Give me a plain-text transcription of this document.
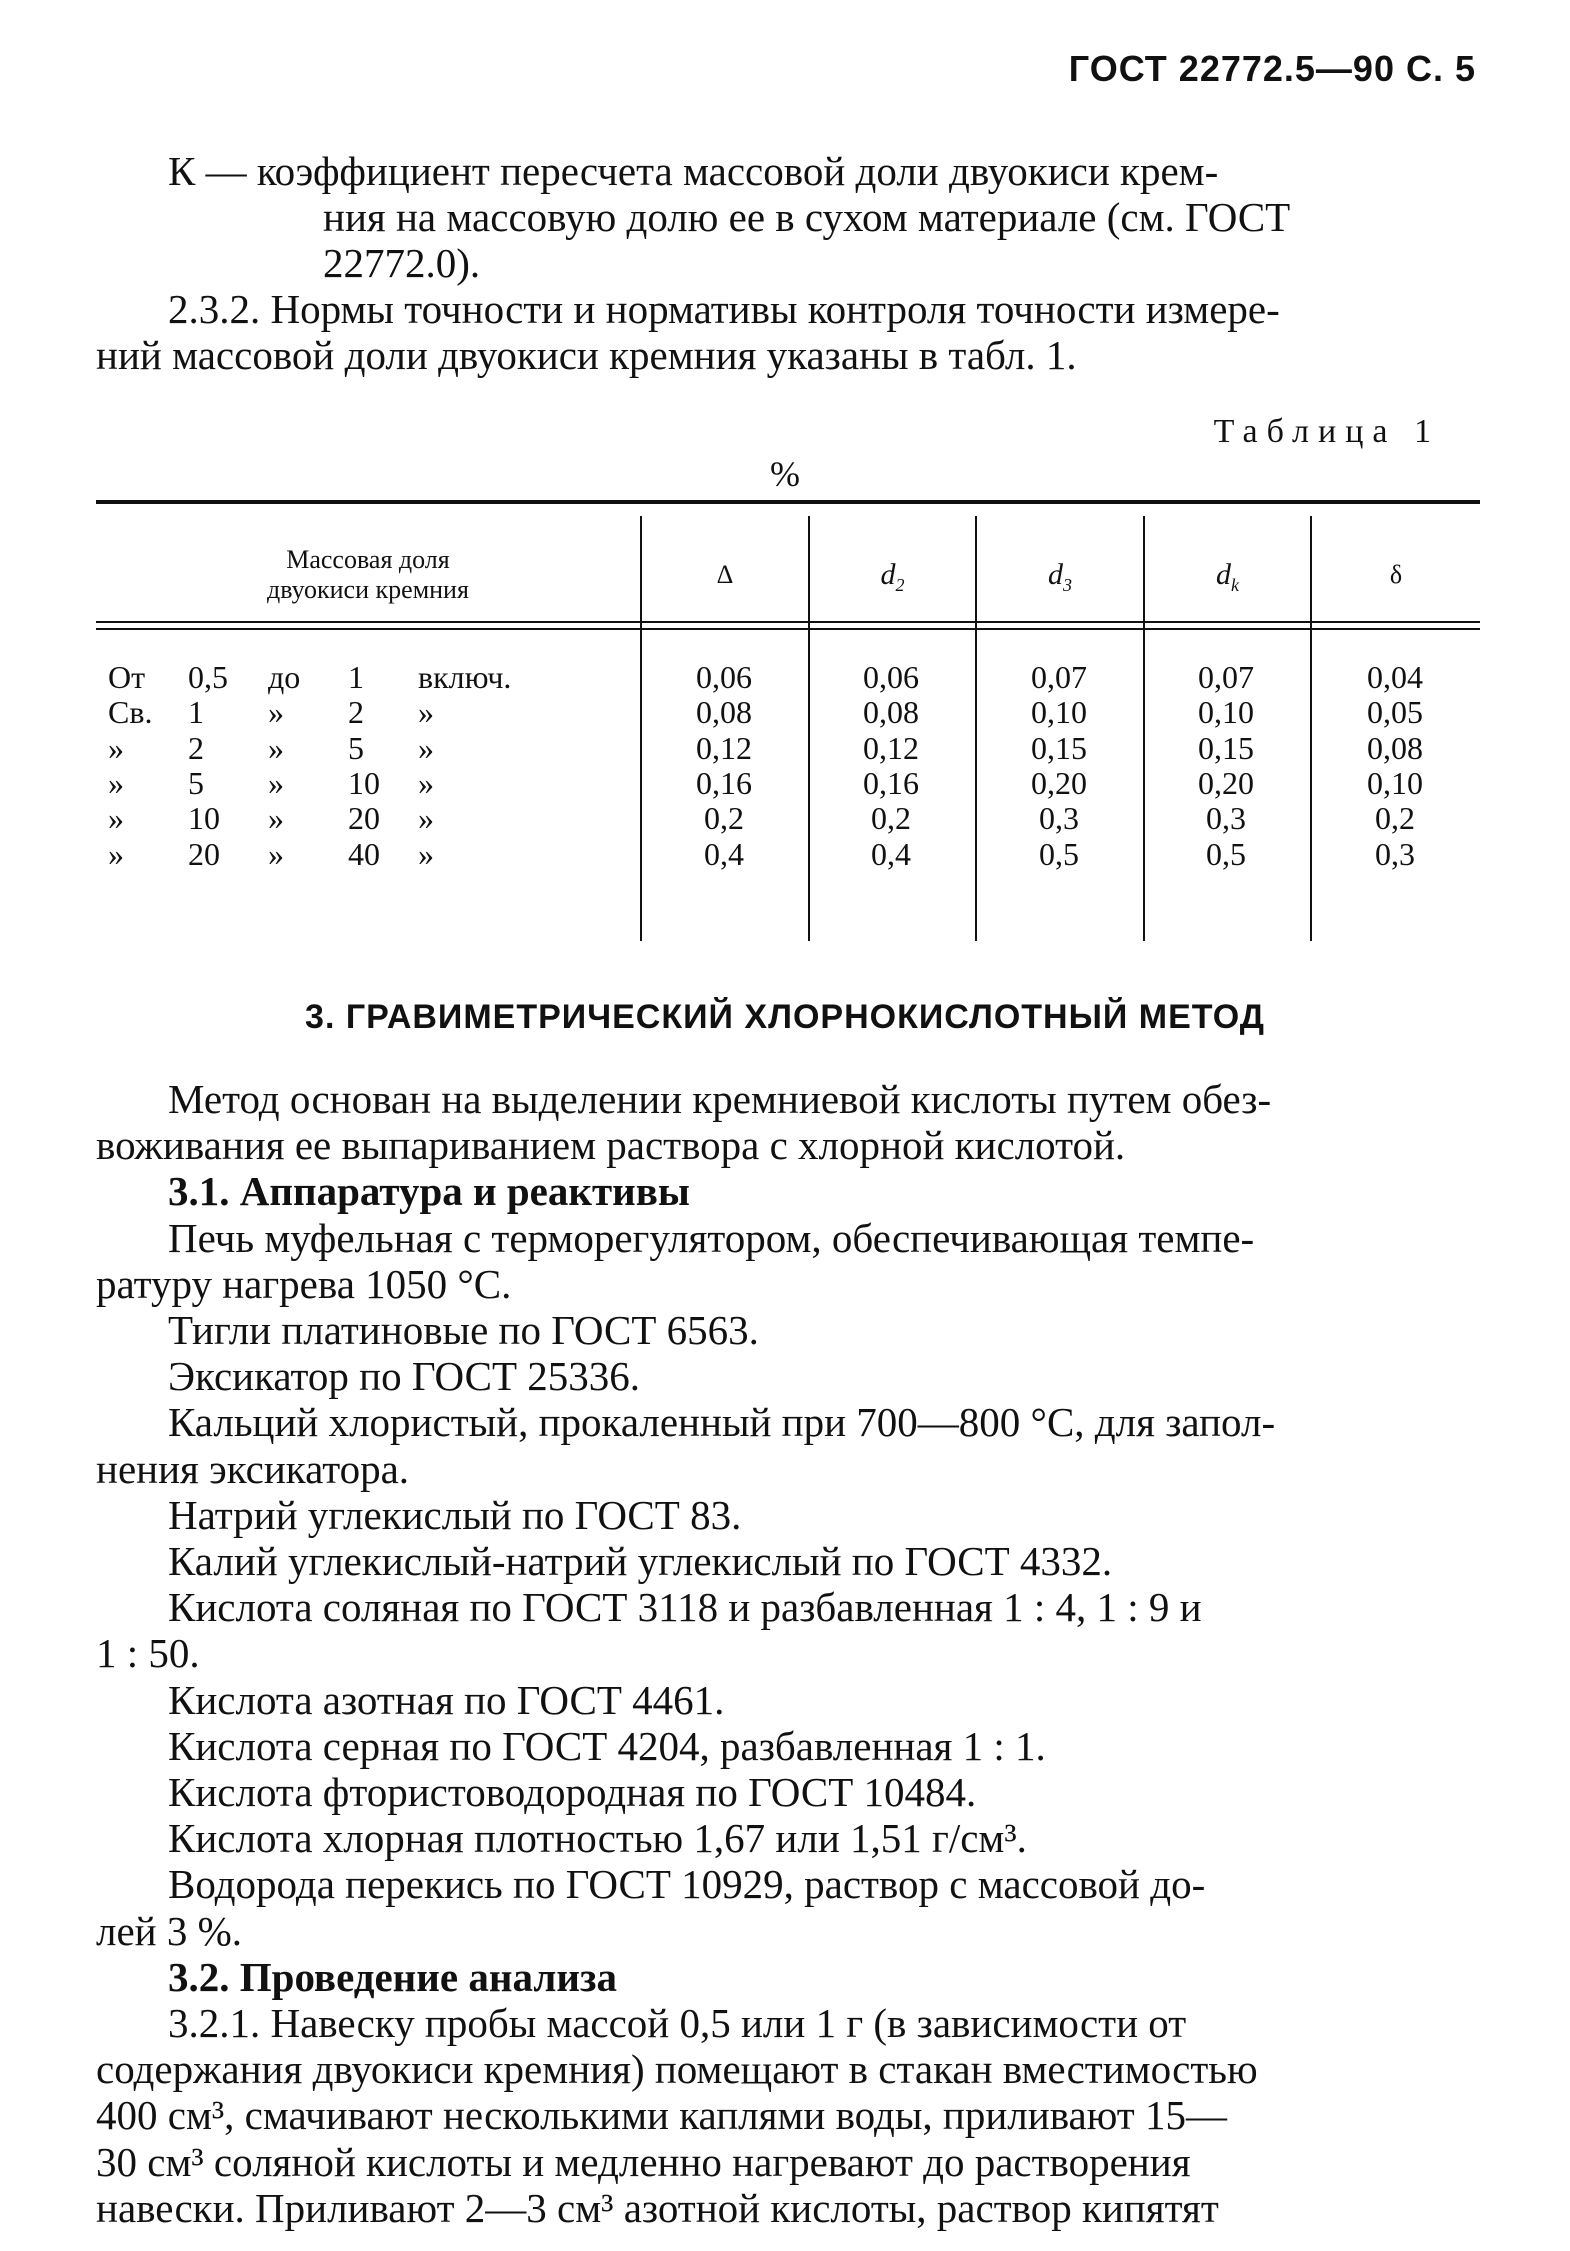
ГОСТ 22772.5—90 С. 5
К — коэффициент пересчета массовой доли двуокиси крем-
ния на массовую долю ее в сухом материале (см. ГОСТ
22772.0).
2.3.2. Нормы точности и нормативы контроля точности измере-
ний массовой доли двуокиси кремния указаны в табл. 1.
Таблица 1
%
Массовая доля
двуокиси кремния
Δ	$d_2$	$d_3$	$d_k$	δ
От 0,5 до 1 включ.	0,06	0,06	0,07	0,07	0,04
Св. 1 » 2 »	0,08	0,08	0,10	0,10	0,05
» 2 » 5 »	0,12	0,12	0,15	0,15	0,08
» 5 » 10 »	0,16	0,16	0,20	0,20	0,10
» 10 » 20 »	0,2	0,2	0,3	0,3	0,2
» 20 » 40 »	0,4	0,4	0,5	0,5	0,3
3. ГРАВИМЕТРИЧЕСКИЙ ХЛОРНОКИСЛОТНЫЙ МЕТОД
Метод основан на выделении кремниевой кислоты путем обез-
воживания ее выпариванием раствора с хлорной кислотой.
3.1. Аппаратура и реактивы
Печь муфельная с терморегулятором, обеспечивающая темпе-
ратуру нагрева 1050 °С.
Тигли платиновые по ГОСТ 6563.
Эксикатор по ГОСТ 25336.
Кальций хлористый, прокаленный при 700—800 °С, для запол-
нения эксикатора.
Натрий углекислый по ГОСТ 83.
Калий углекислый-натрий углекислый по ГОСТ 4332.
Кислота соляная по ГОСТ 3118 и разбавленная 1 : 4, 1 : 9 и
1 : 50.
Кислота азотная по ГОСТ 4461.
Кислота серная по ГОСТ 4204, разбавленная 1 : 1.
Кислота фтористоводородная по ГОСТ 10484.
Кислота хлорная плотностью 1,67 или 1,51 г/см³.
Водорода перекись по ГОСТ 10929, раствор с массовой до-
лей 3 %.
3.2. Проведение анализа
3.2.1. Навеску пробы массой 0,5 или 1 г (в зависимости от
содержания двуокиси кремния) помещают в стакан вместимостью
400 см³, смачивают несколькими каплями воды, приливают 15—
30 см³ соляной кислоты и медленно нагревают до растворения
навески. Приливают 2—3 см³ азотной кислоты, раствор кипятят
